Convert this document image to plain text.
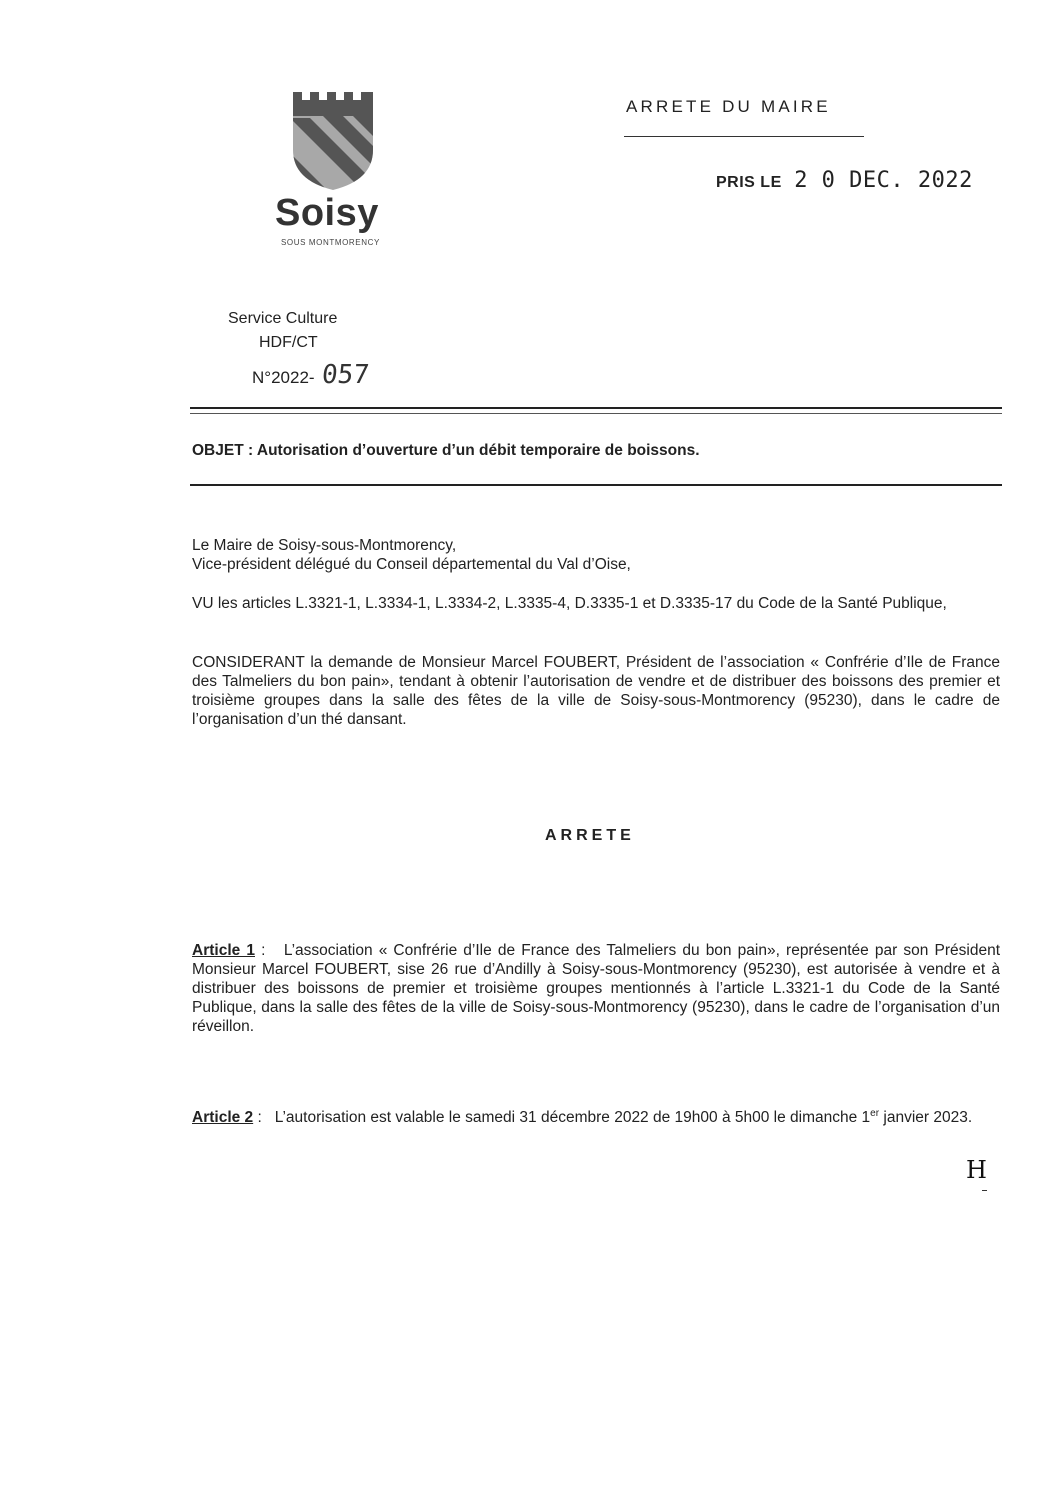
Soisy
SOUS MONTMORENCY
ARRETE DU MAIRE
PRIS LE 2 0 DEC. 2022
Service Culture
HDF/CT
N°2022- 057
OBJET : Autorisation d’ouverture d’un débit temporaire de boissons.
Le Maire de Soisy-sous-Montmorency,
Vice-président délégué du Conseil départemental du Val d’Oise,
VU les articles L.3321-1, L.3334-1, L.3334-2, L.3335-4, D.3335-1 et D.3335-17 du Code de la Santé Publique,
CONSIDERANT la demande de Monsieur Marcel FOUBERT, Président de l’association « Confrérie d’Ile de France des Talmeliers du bon pain», tendant à obtenir l’autorisation de vendre et de distribuer des boissons des premier et troisième groupes dans la salle des fêtes de la ville de Soisy-sous-Montmorency (95230), dans le cadre de l’organisation d’un thé dansant.
ARRETE
Article 1 : L’association « Confrérie d’Ile de France des Talmeliers du bon pain», représentée par son Président Monsieur Marcel FOUBERT, sise 26 rue d’Andilly à Soisy-sous-Montmorency (95230), est autorisée à vendre et à distribuer des boissons de premier et troisième groupes mentionnés à l’article L.3321-1 du Code de la Santé Publique, dans la salle des fêtes de la ville de Soisy-sous-Montmorency (95230), dans le cadre de l’organisation d’un réveillon.
Article 2 : L’autorisation est valable le samedi 31 décembre 2022 de 19h00 à 5h00 le dimanche 1er janvier 2023.
H
